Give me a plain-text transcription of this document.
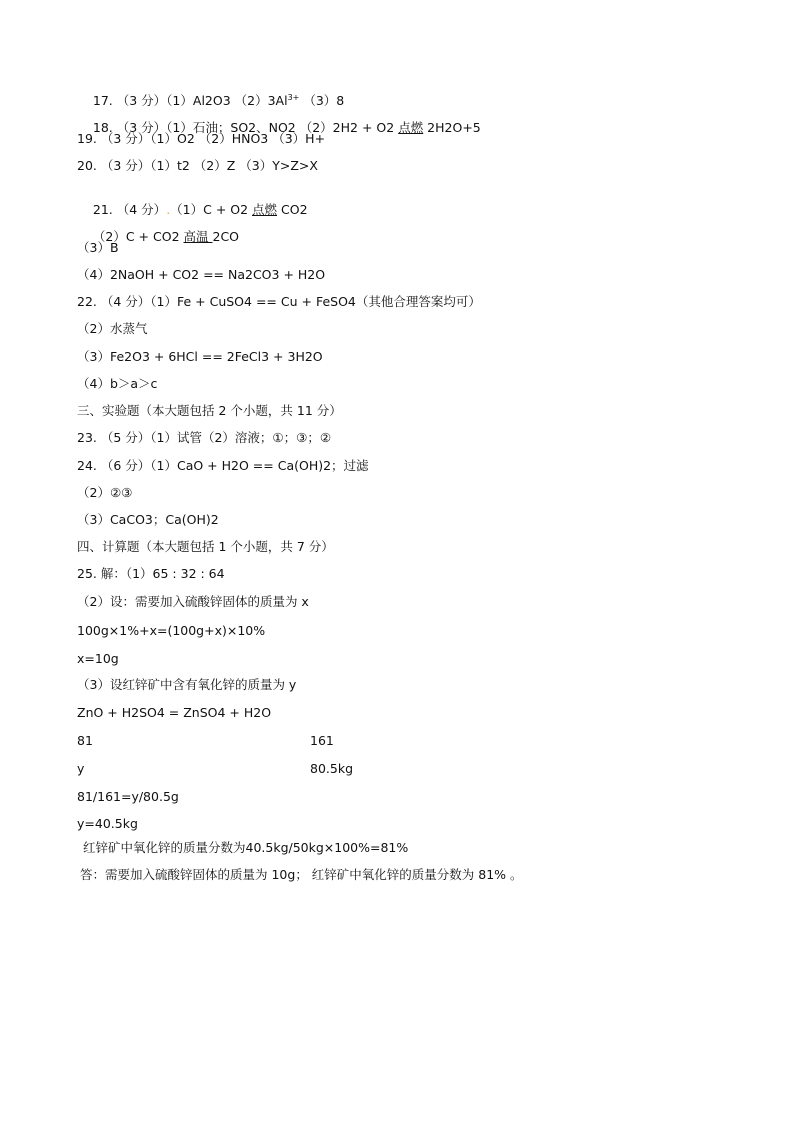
17. （3 分）（1）Al2O3 $(2)3Al^{3+}$ （3）8

18. （3 分）（1）石油；SO2、NO2 （2）2H2 + O2 点燃 2H2O+5

19. （3 分）（1）O2 （2）HNO3 （3）H+
20. （3 分）（1）t2 （2）Z （3）Y>Z>X

21. （4 分）.（1）C + O2 点燃 CO2

（2）C + CO2 高温 2CO

（3）B
（4）2NaOH + CO2 == Na2CO3 + H2O
22. （4 分）（1）Fe + CuSO4 == Cu + FeSO4（其他合理答案均可）
（2）水蒸气
（3）Fe2O3 + 6HCl == 2FeCl3 + 3H2O
（4）b＞a＞c
三、实验题（本大题包括 2 个小题，共 11 分）
23. （5 分）（1）试管（2）溶液；①；③；②
24. （6 分）（1）CaO + H2O == Ca(OH)2；过滤
（2）②③
（3）CaCO3；Ca(OH)2
四、计算题（本大题包括 1 个小题，共 7 分）
25. 解：（1）65 : 32 : 64
（2）设：需要加入硫酸锌固体的质量为 x
100g×1%+x=(100g+x)×10%
x=10g
（3）设红锌矿中含有氧化锌的质量为 y
ZnO + H2SO4 = ZnSO4 + H2O
81	161
y	80.5kg
81/161=y/80.5g
y=40.5kg
红锌矿中氧化锌的质量分数为40.5kg/50kg×100%=81%
答：需要加入硫酸锌固体的质量为 10g； 红锌矿中氧化锌的质量分数为 81% 。
